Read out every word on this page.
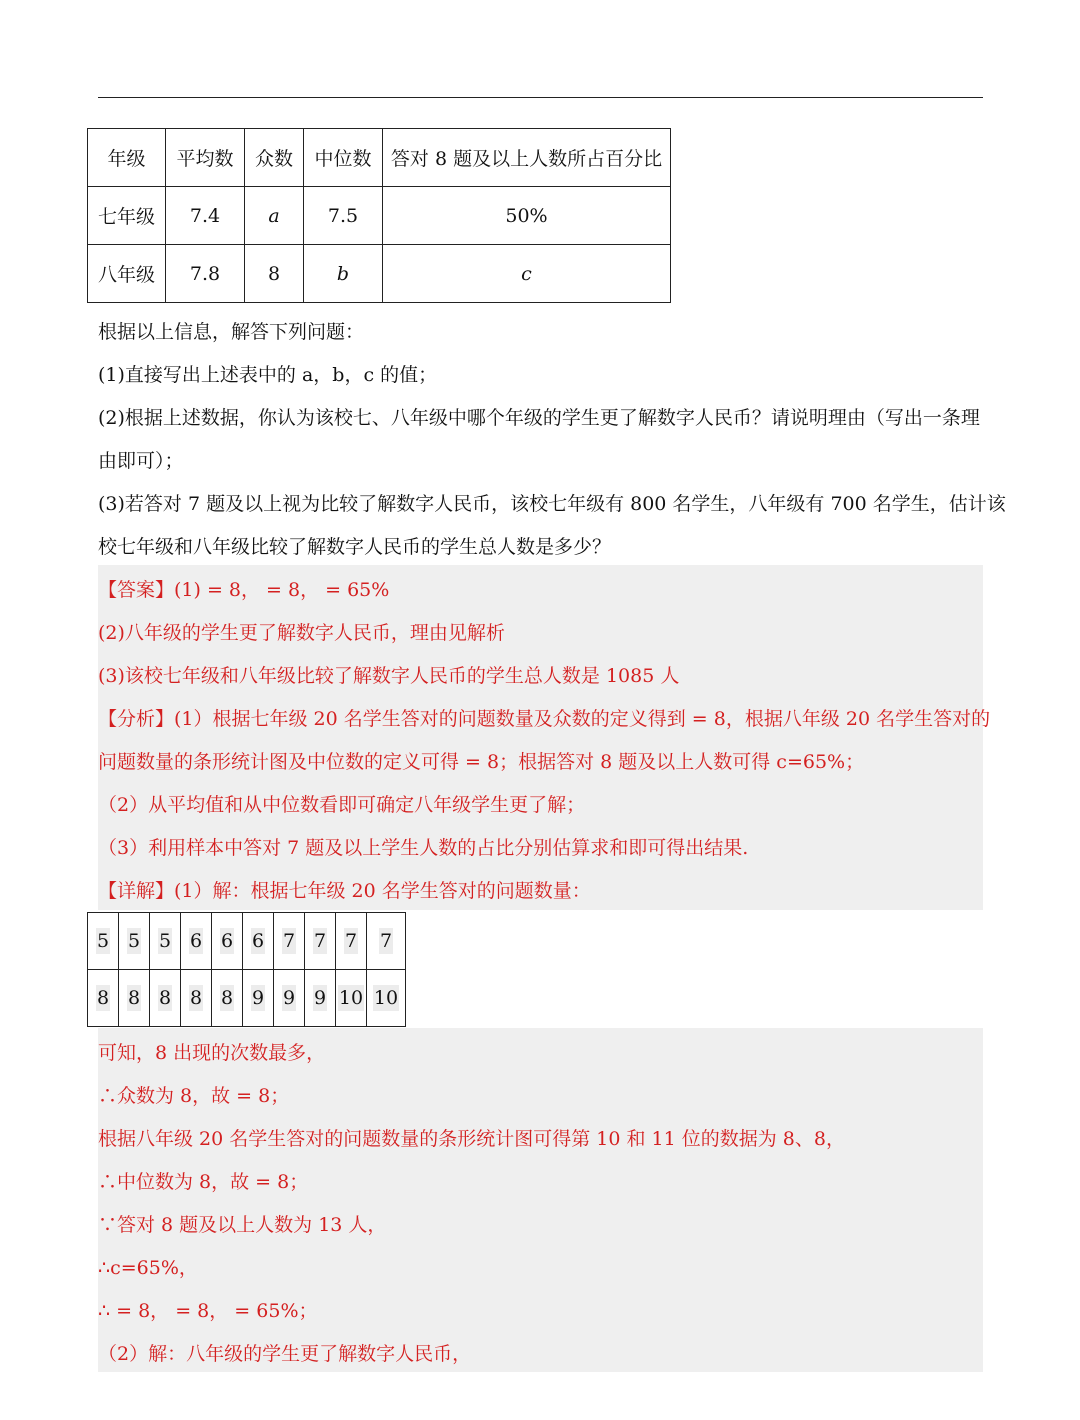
年级	平均数	众数	中位数	答对 8 题及以上人数所占百分比
七年级	7.4	a	7.5	50%
八年级	7.8	8	b	c

根据以上信息，解答下列问题：

(1)直接写出上述表中的 a，b，c 的值；

(2)根据上述数据，你认为该校七、八年级中哪个年级的学生更了解数字人民币？请说明理由（写出一条理

由即可）；

(3)若答对 7 题及以上视为比较了解数字人民币，该校七年级有 800 名学生，八年级有 700 名学生，估计该

校七年级和八年级比较了解数字人民币的学生总人数是多少？

【答案】(1) = 8， = 8， = 65%

(2)八年级的学生更了解数字人民币，理由见解析

(3)该校七年级和八年级比较了解数字人民币的学生总人数是 1085 人

【分析】(1）根据七年级 20 名学生答对的问题数量及众数的定义得到 = 8，根据八年级 20 名学生答对的

问题数量的条形统计图及中位数的定义可得 = 8；根据答对 8 题及以上人数可得 c=65%；

（2）从平均值和从中位数看即可确定八年级学生更了解；

（3）利用样本中答对 7 题及以上学生人数的占比分别估算求和即可得出结果.

【详解】(1）解：根据七年级 20 名学生答对的问题数量：

5	5	5	6	6	6	7	7	7	7
8	8	8	8	8	9	9	9	10	10

可知，8 出现的次数最多，

∴众数为 8，故 = 8；

根据八年级 20 名学生答对的问题数量的条形统计图可得第 10 和 11 位的数据为 8、8，

∴中位数为 8，故 = 8；

∵答对 8 题及以上人数为 13 人，

∴c=65%，

∴ = 8， = 8， = 65%；

（2）解：八年级的学生更了解数字人民币，
